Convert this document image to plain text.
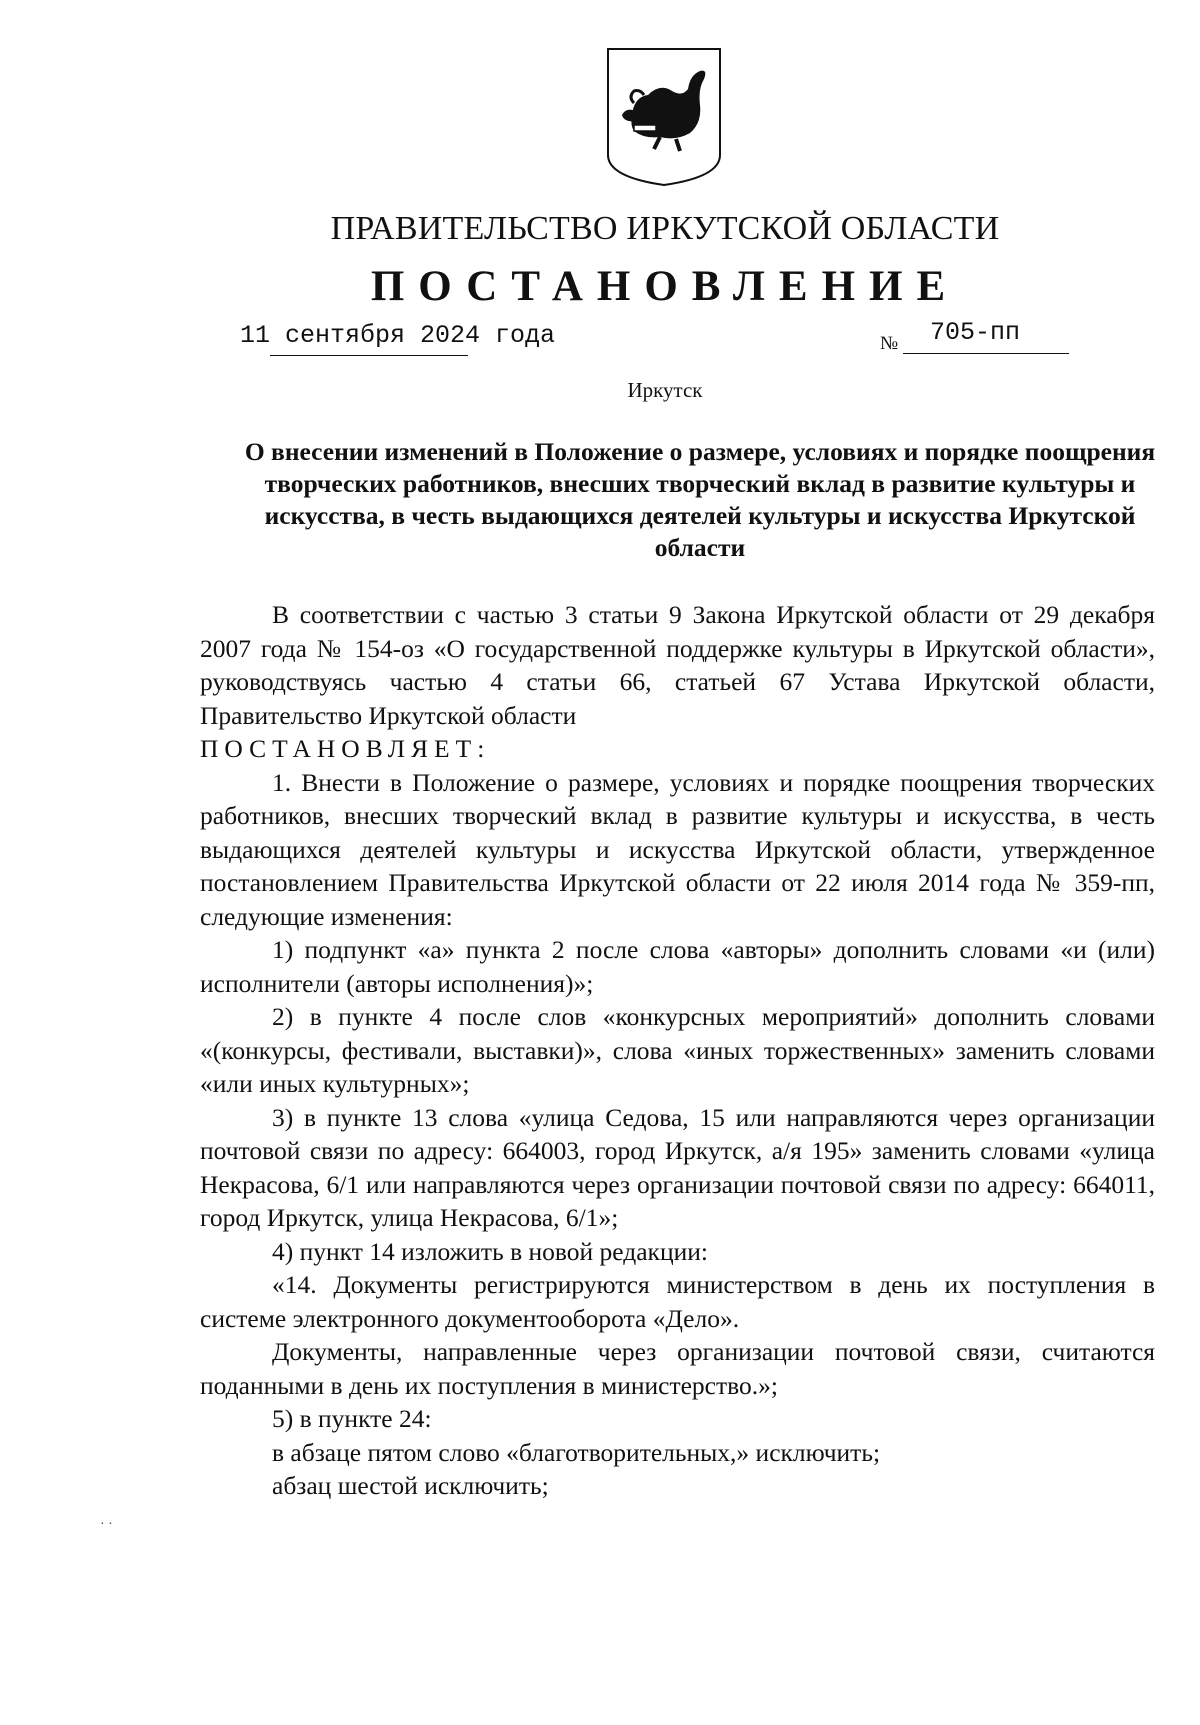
ПРАВИТЕЛЬСТВО ИРКУТСКОЙ ОБЛАСТИ
ПОСТАНОВЛЕНИЕ
11 сентября 2024 года	№ 705-пп
Иркутск
О внесении изменений в Положение о размере, условиях и порядке поощрения творческих работников, внесших творческий вклад в развитие культуры и искусства, в честь выдающихся деятелей культуры и искусства Иркутской области

В соответствии с частью 3 статьи 9 Закона Иркутской области от 29 декабря 2007 года № 154-оз «О государственной поддержке культуры в Иркутской области», руководствуясь частью 4 статьи 66, статьей 67 Устава Иркутской области, Правительство Иркутской области

ПОСТАНОВЛЯЕТ:

1. Внести в Положение о размере, условиях и порядке поощрения творческих работников, внесших творческий вклад в развитие культуры и искусства, в честь выдающихся деятелей культуры и искусства Иркутской области, утвержденное постановлением Правительства Иркутской области от 22 июля 2014 года № 359-пп, следующие изменения:

1) подпункт «а» пункта 2 после слова «авторы» дополнить словами «и (или) исполнители (авторы исполнения)»;

2) в пункте 4 после слов «конкурсных мероприятий» дополнить словами «(конкурсы, фестивали, выставки)», слова «иных торжественных» заменить словами «или иных культурных»;

3) в пункте 13 слова «улица Седова, 15 или направляются через организации почтовой связи по адресу: 664003, город Иркутск, а/я 195» заменить словами «улица Некрасова, 6/1 или направляются через организации почтовой связи по адресу: 664011, город Иркутск, улица Некрасова, 6/1»;

4) пункт 14 изложить в новой редакции:

«14. Документы регистрируются министерством в день их поступления в системе электронного документооборота «Дело».

Документы, направленные через организации почтовой связи, считаются поданными в день их поступления в министерство.»;

5) в пункте 24:

в абзаце пятом слово «благотворительных,» исключить;

абзац шестой исключить;

· ·
